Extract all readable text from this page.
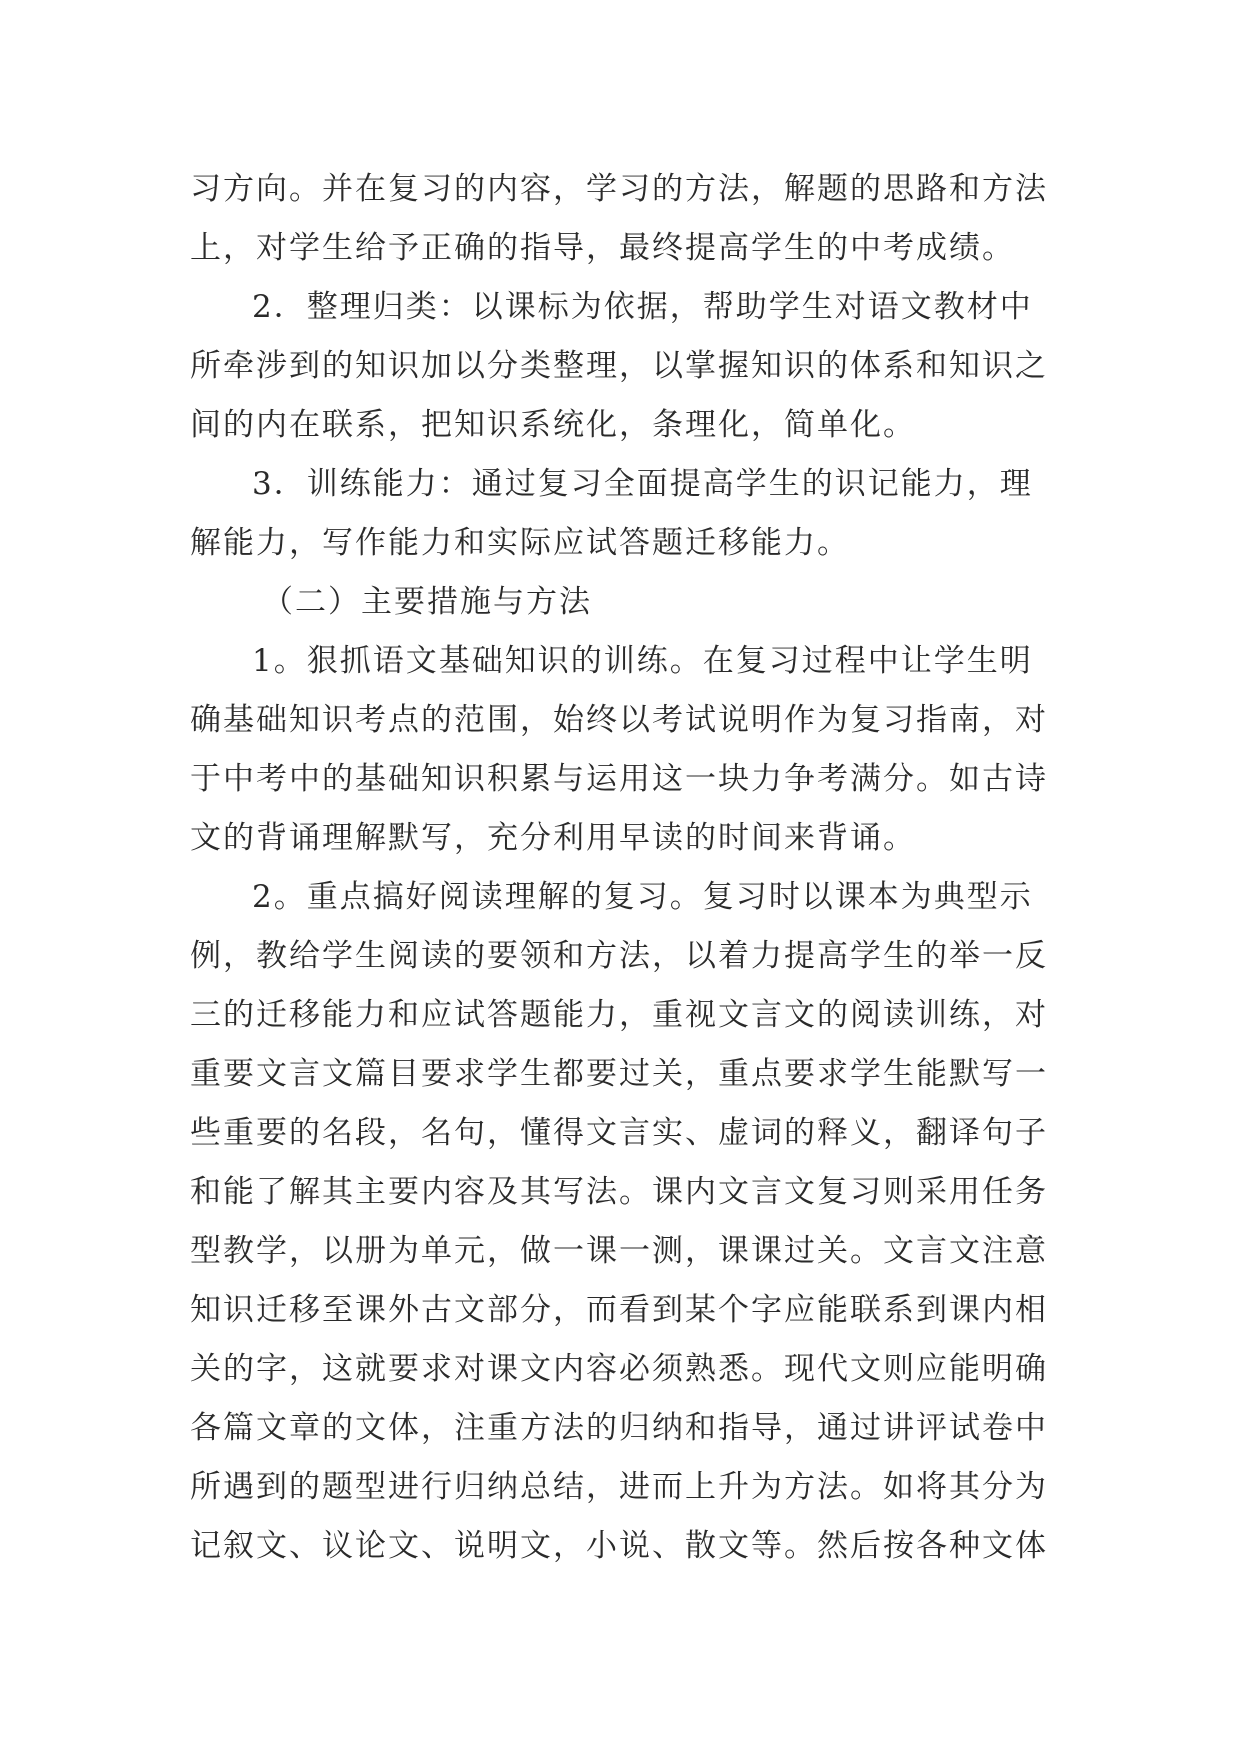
习方向。并在复习的内容，学习的方法，解题的思路和方法
上，对学生给予正确的指导，最终提高学生的中考成绩。
2．整理归类：以课标为依据，帮助学生对语文教材中
所牵涉到的知识加以分类整理，以掌握知识的体系和知识之
间的内在联系，把知识系统化，条理化，简单化。
3．训练能力：通过复习全面提高学生的识记能力，理
解能力，写作能力和实际应试答题迁移能力。
（二）主要措施与方法
1。狠抓语文基础知识的训练。在复习过程中让学生明
确基础知识考点的范围，始终以考试说明作为复习指南，对
于中考中的基础知识积累与运用这一块力争考满分。如古诗
文的背诵理解默写，充分利用早读的时间来背诵。
2。重点搞好阅读理解的复习。复习时以课本为典型示
例，教给学生阅读的要领和方法，以着力提高学生的举一反
三的迁移能力和应试答题能力，重视文言文的阅读训练，对
重要文言文篇目要求学生都要过关，重点要求学生能默写一
些重要的名段，名句，懂得文言实、虚词的释义，翻译句子
和能了解其主要内容及其写法。课内文言文复习则采用任务
型教学，以册为单元，做一课一测，课课过关。文言文注意
知识迁移至课外古文部分，而看到某个字应能联系到课内相
关的字，这就要求对课文内容必须熟悉。现代文则应能明确
各篇文章的文体，注重方法的归纳和指导，通过讲评试卷中
所遇到的题型进行归纳总结，进而上升为方法。如将其分为
记叙文、议论文、说明文，小说、散文等。然后按各种文体
